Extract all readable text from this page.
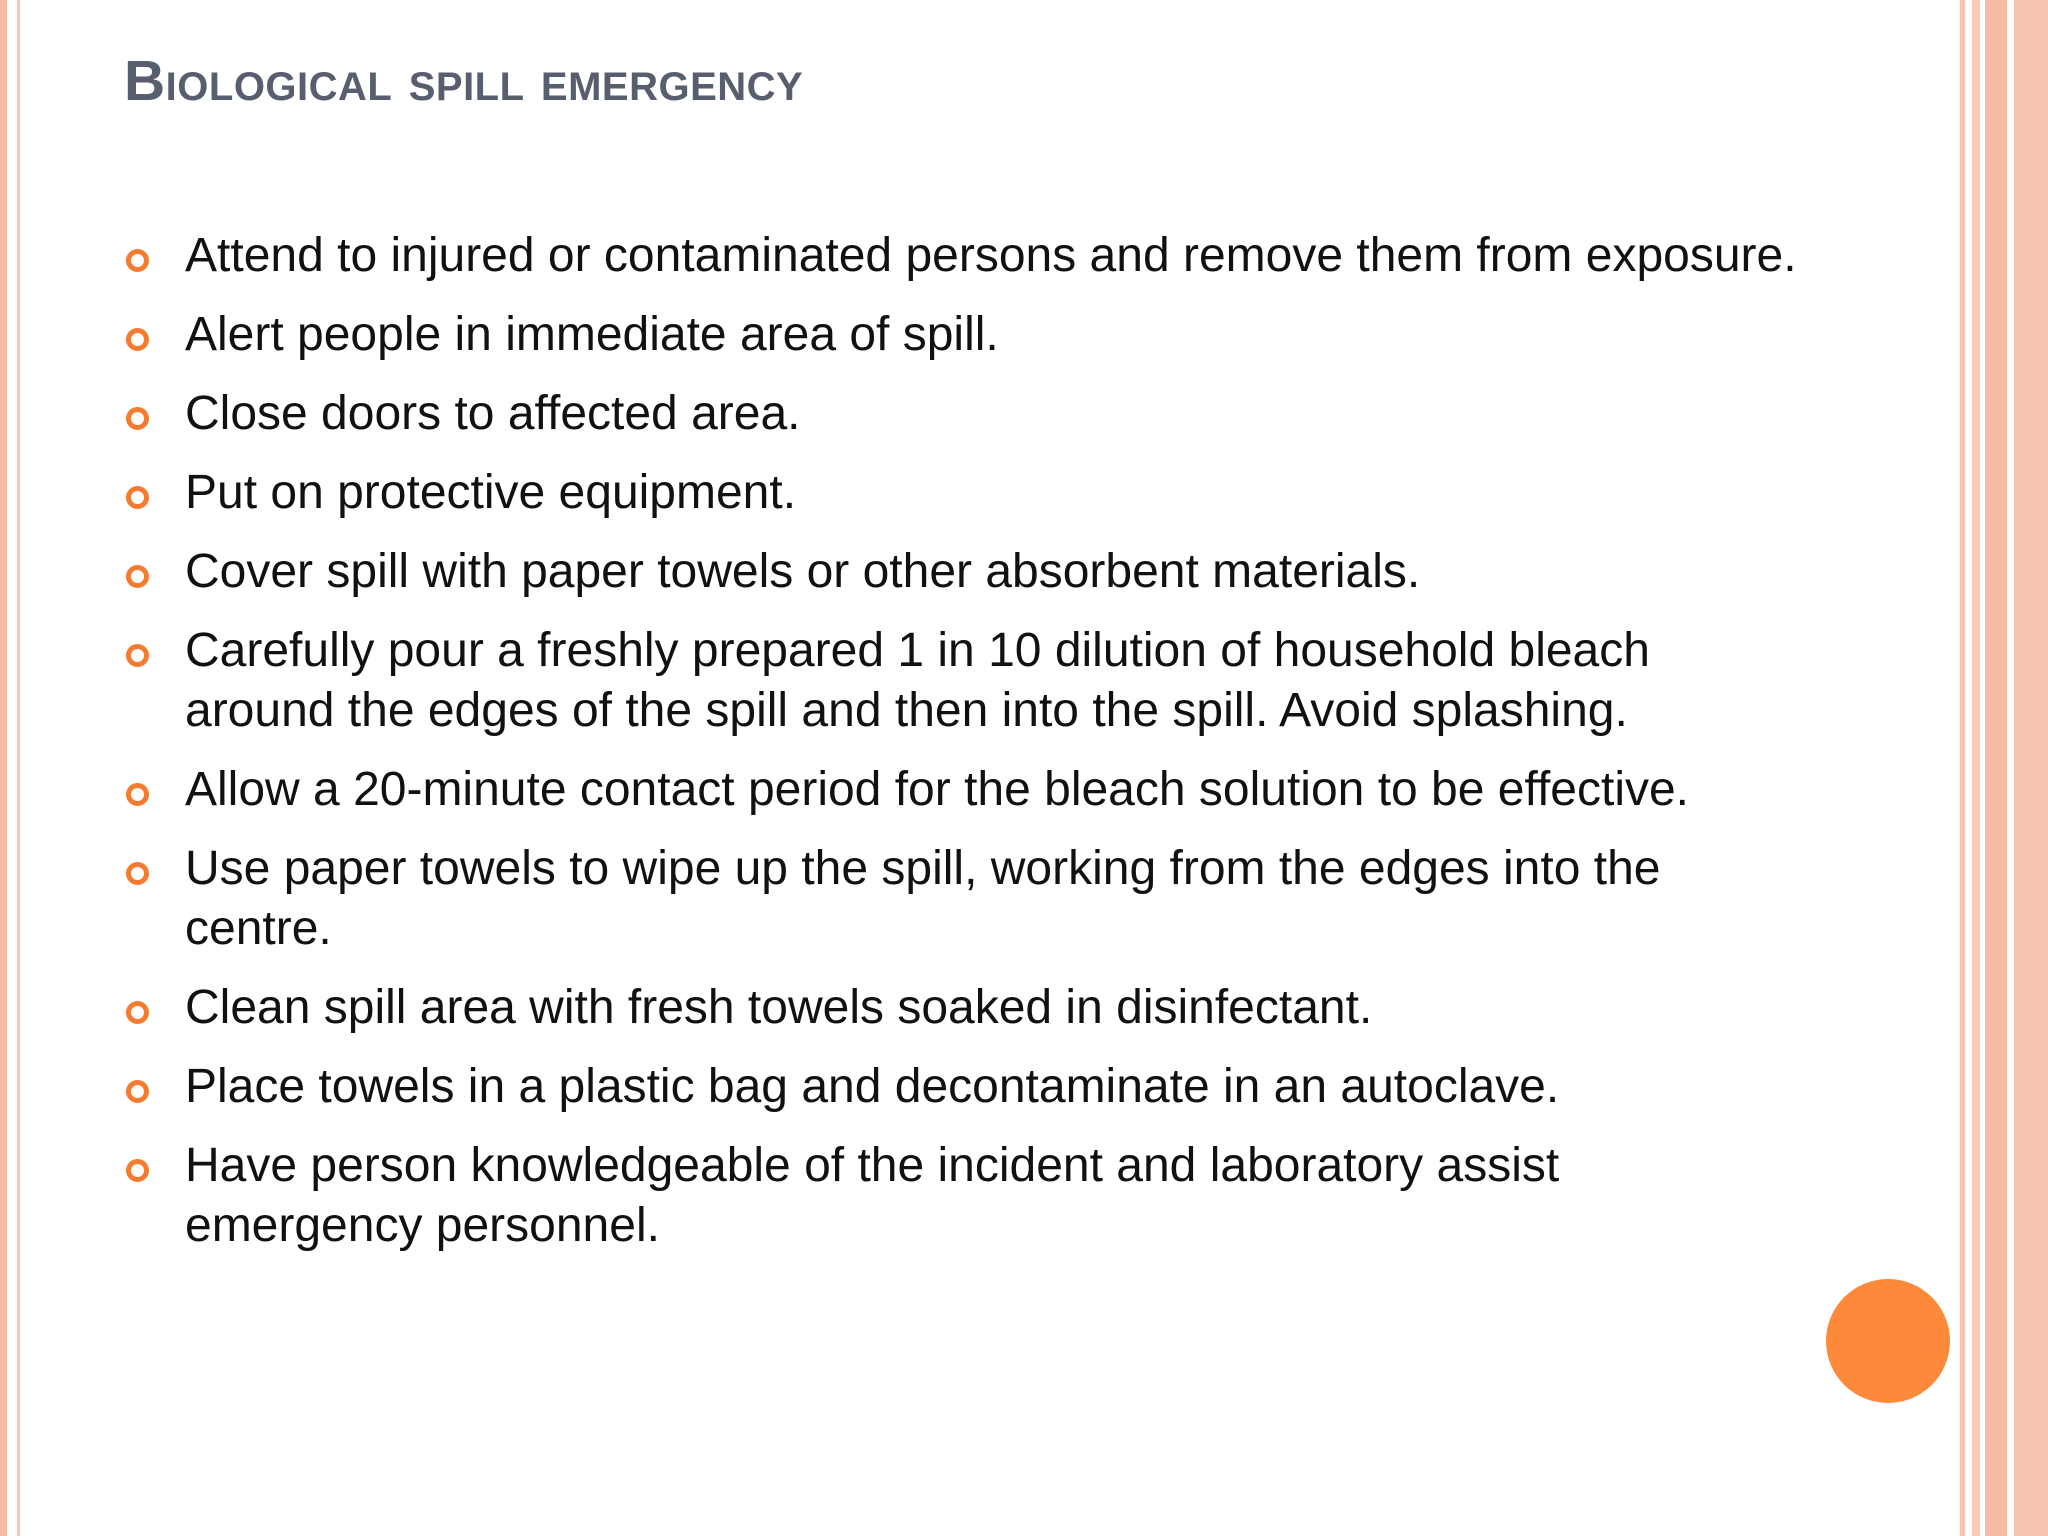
Biological spill emergency
Attend to injured or contaminated persons and remove them from exposure.
Alert people in immediate area of spill.
Close doors to affected area.
Put on protective equipment.
Cover spill with paper towels or other absorbent materials.
Carefully pour a freshly prepared 1 in 10 dilution of household bleach around the edges of the spill and then into the spill. Avoid splashing.
Allow a 20-minute contact period for the bleach solution to be effective.
Use paper towels to wipe up the spill, working from the edges into the centre.
Clean spill area with fresh towels soaked in disinfectant.
Place towels in a plastic bag and decontaminate in an autoclave.
Have person knowledgeable of the incident and laboratory assist emergency personnel.
